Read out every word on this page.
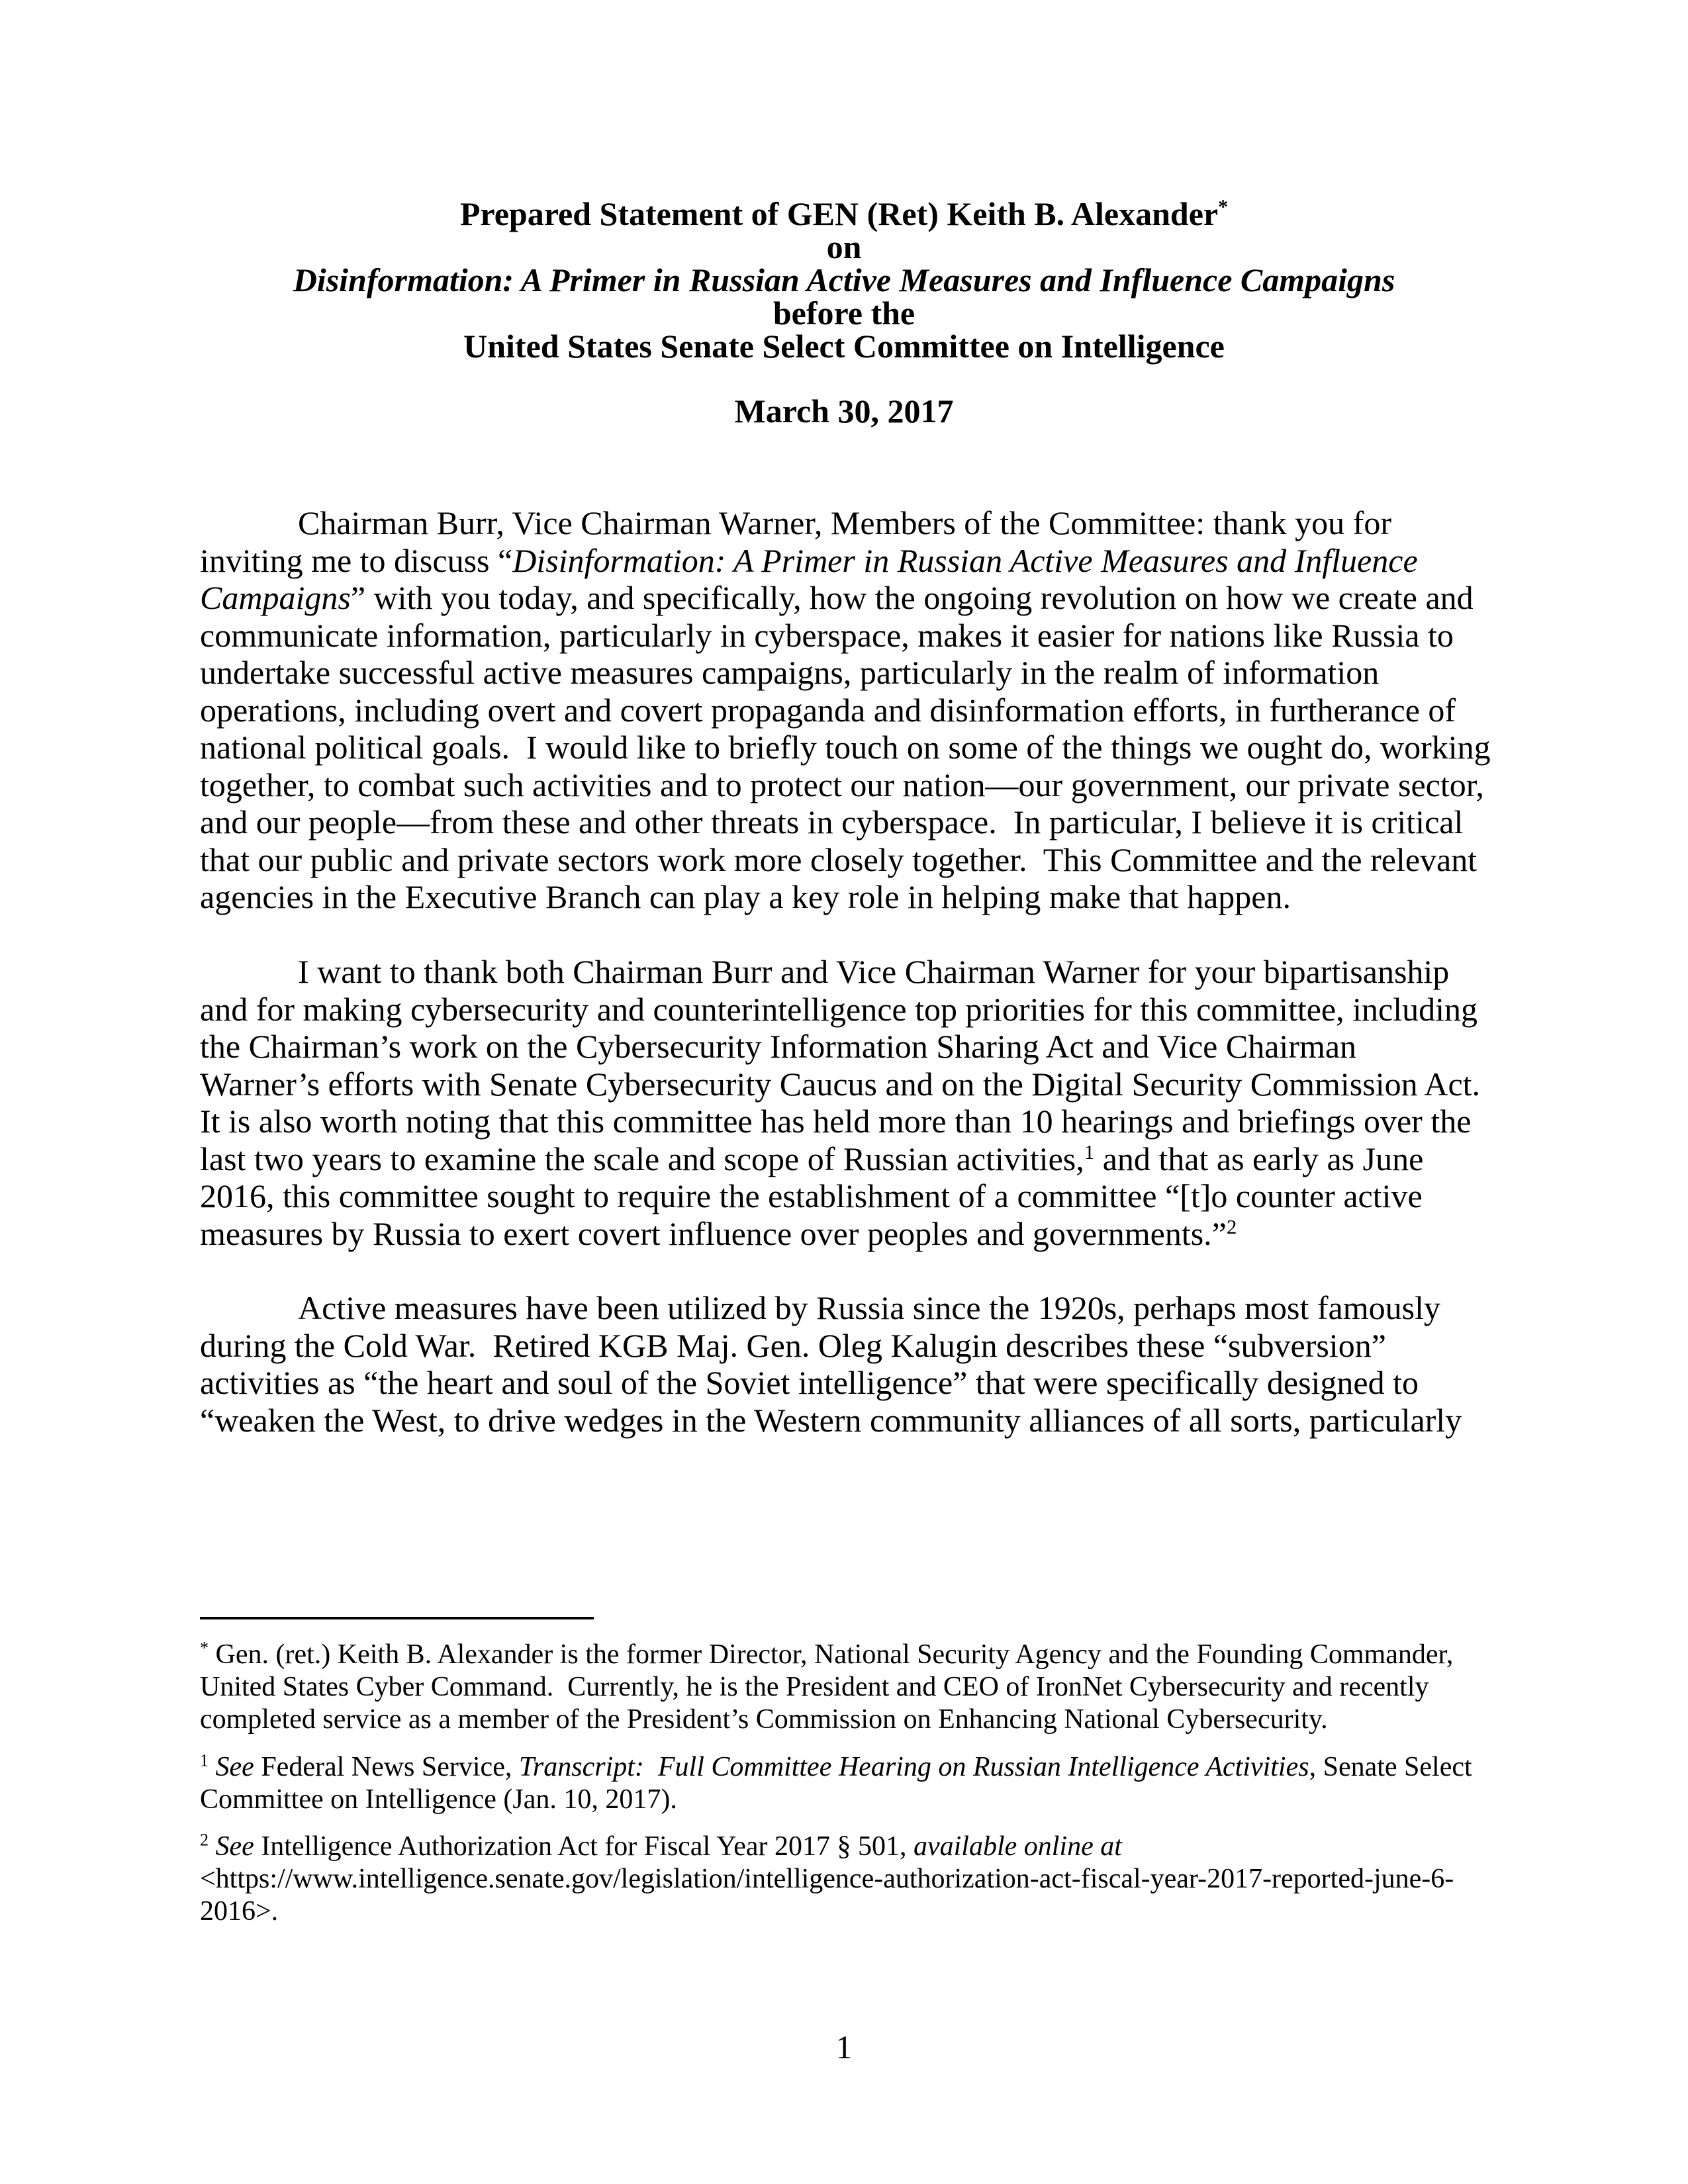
Prepared Statement of GEN (Ret) Keith B. Alexander*
on
Disinformation: A Primer in Russian Active Measures and Influence Campaigns
before the
United States Senate Select Committee on Intelligence
March 30, 2017
Chairman Burr, Vice Chairman Warner, Members of the Committee: thank you for
inviting me to discuss “Disinformation: A Primer in Russian Active Measures and Influence
Campaigns” with you today, and specifically, how the ongoing revolution on how we create and
communicate information, particularly in cyberspace, makes it easier for nations like Russia to
undertake successful active measures campaigns, particularly in the realm of information
operations, including overt and covert propaganda and disinformation efforts, in furtherance of
national political goals.  I would like to briefly touch on some of the things we ought do, working
together, to combat such activities and to protect our nation—our government, our private sector,
and our people—from these and other threats in cyberspace.  In particular, I believe it is critical
that our public and private sectors work more closely together.  This Committee and the relevant
agencies in the Executive Branch can play a key role in helping make that happen.
I want to thank both Chairman Burr and Vice Chairman Warner for your bipartisanship
and for making cybersecurity and counterintelligence top priorities for this committee, including
the Chairman’s work on the Cybersecurity Information Sharing Act and Vice Chairman
Warner’s efforts with Senate Cybersecurity Caucus and on the Digital Security Commission Act.
It is also worth noting that this committee has held more than 10 hearings and briefings over the
last two years to examine the scale and scope of Russian activities,$^1$ and that as early as June
2016, this committee sought to require the establishment of a committee “[t]o counter active
measures by Russia to exert covert influence over peoples and governments.”$^2$
Active measures have been utilized by Russia since the 1920s, perhaps most famously
during the Cold War.  Retired KGB Maj. Gen. Oleg Kalugin describes these “subversion”
activities as “the heart and soul of the Soviet intelligence” that were specifically designed to
“weaken the West, to drive wedges in the Western community alliances of all sorts, particularly
* Gen. (ret.) Keith B. Alexander is the former Director, National Security Agency and the Founding Commander,
United States Cyber Command.  Currently, he is the President and CEO of IronNet Cybersecurity and recently
completed service as a member of the President’s Commission on Enhancing National Cybersecurity.
$^1$ See Federal News Service, Transcript:  Full Committee Hearing on Russian Intelligence Activities, Senate Select
Committee on Intelligence (Jan. 10, 2017).
$^2$ See Intelligence Authorization Act for Fiscal Year 2017 § 501, available online at
<https://www.intelligence.senate.gov/legislation/intelligence-authorization-act-fiscal-year-2017-reported-june-6-
2016>.
1
